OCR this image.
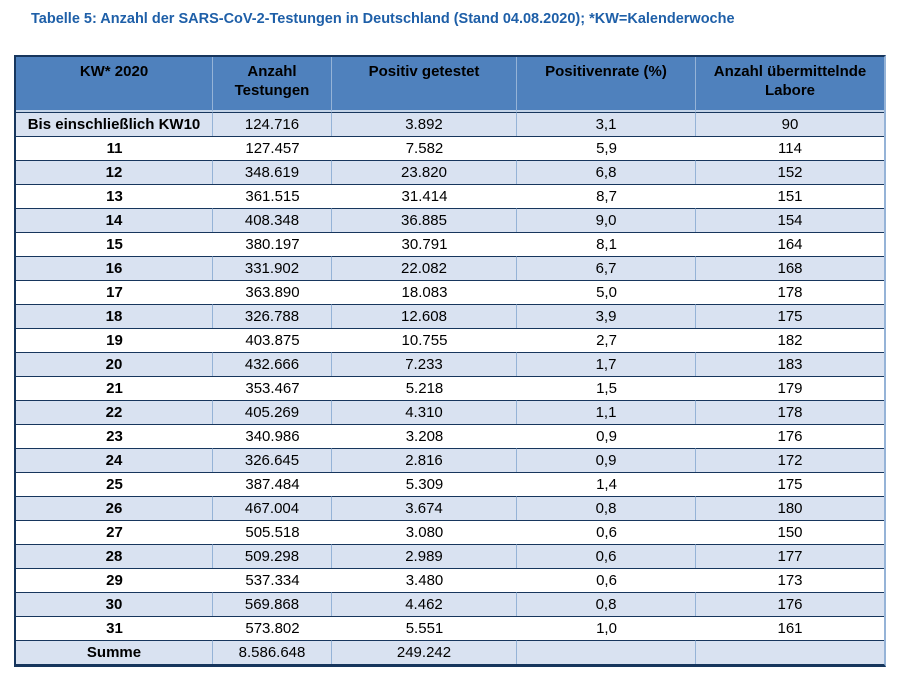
Tabelle 5: Anzahl der SARS-CoV-2-Testungen in Deutschland (Stand 04.08.2020); *KW=Kalenderwoche
KW* 2020	Anzahl Testungen	Positiv getestet	Positivenrate (%)	Anzahl übermittelnde Labore
Bis einschließlich KW10	124.716	3.892	3,1	90
11	127.457	7.582	5,9	114
12	348.619	23.820	6,8	152
13	361.515	31.414	8,7	151
14	408.348	36.885	9,0	154
15	380.197	30.791	8,1	164
16	331.902	22.082	6,7	168
17	363.890	18.083	5,0	178
18	326.788	12.608	3,9	175
19	403.875	10.755	2,7	182
20	432.666	7.233	1,7	183
21	353.467	5.218	1,5	179
22	405.269	4.310	1,1	178
23	340.986	3.208	0,9	176
24	326.645	2.816	0,9	172
25	387.484	5.309	1,4	175
26	467.004	3.674	0,8	180
27	505.518	3.080	0,6	150
28	509.298	2.989	0,6	177
29	537.334	3.480	0,6	173
30	569.868	4.462	0,8	176
31	573.802	5.551	1,0	161
Summe	8.586.648	249.242		
